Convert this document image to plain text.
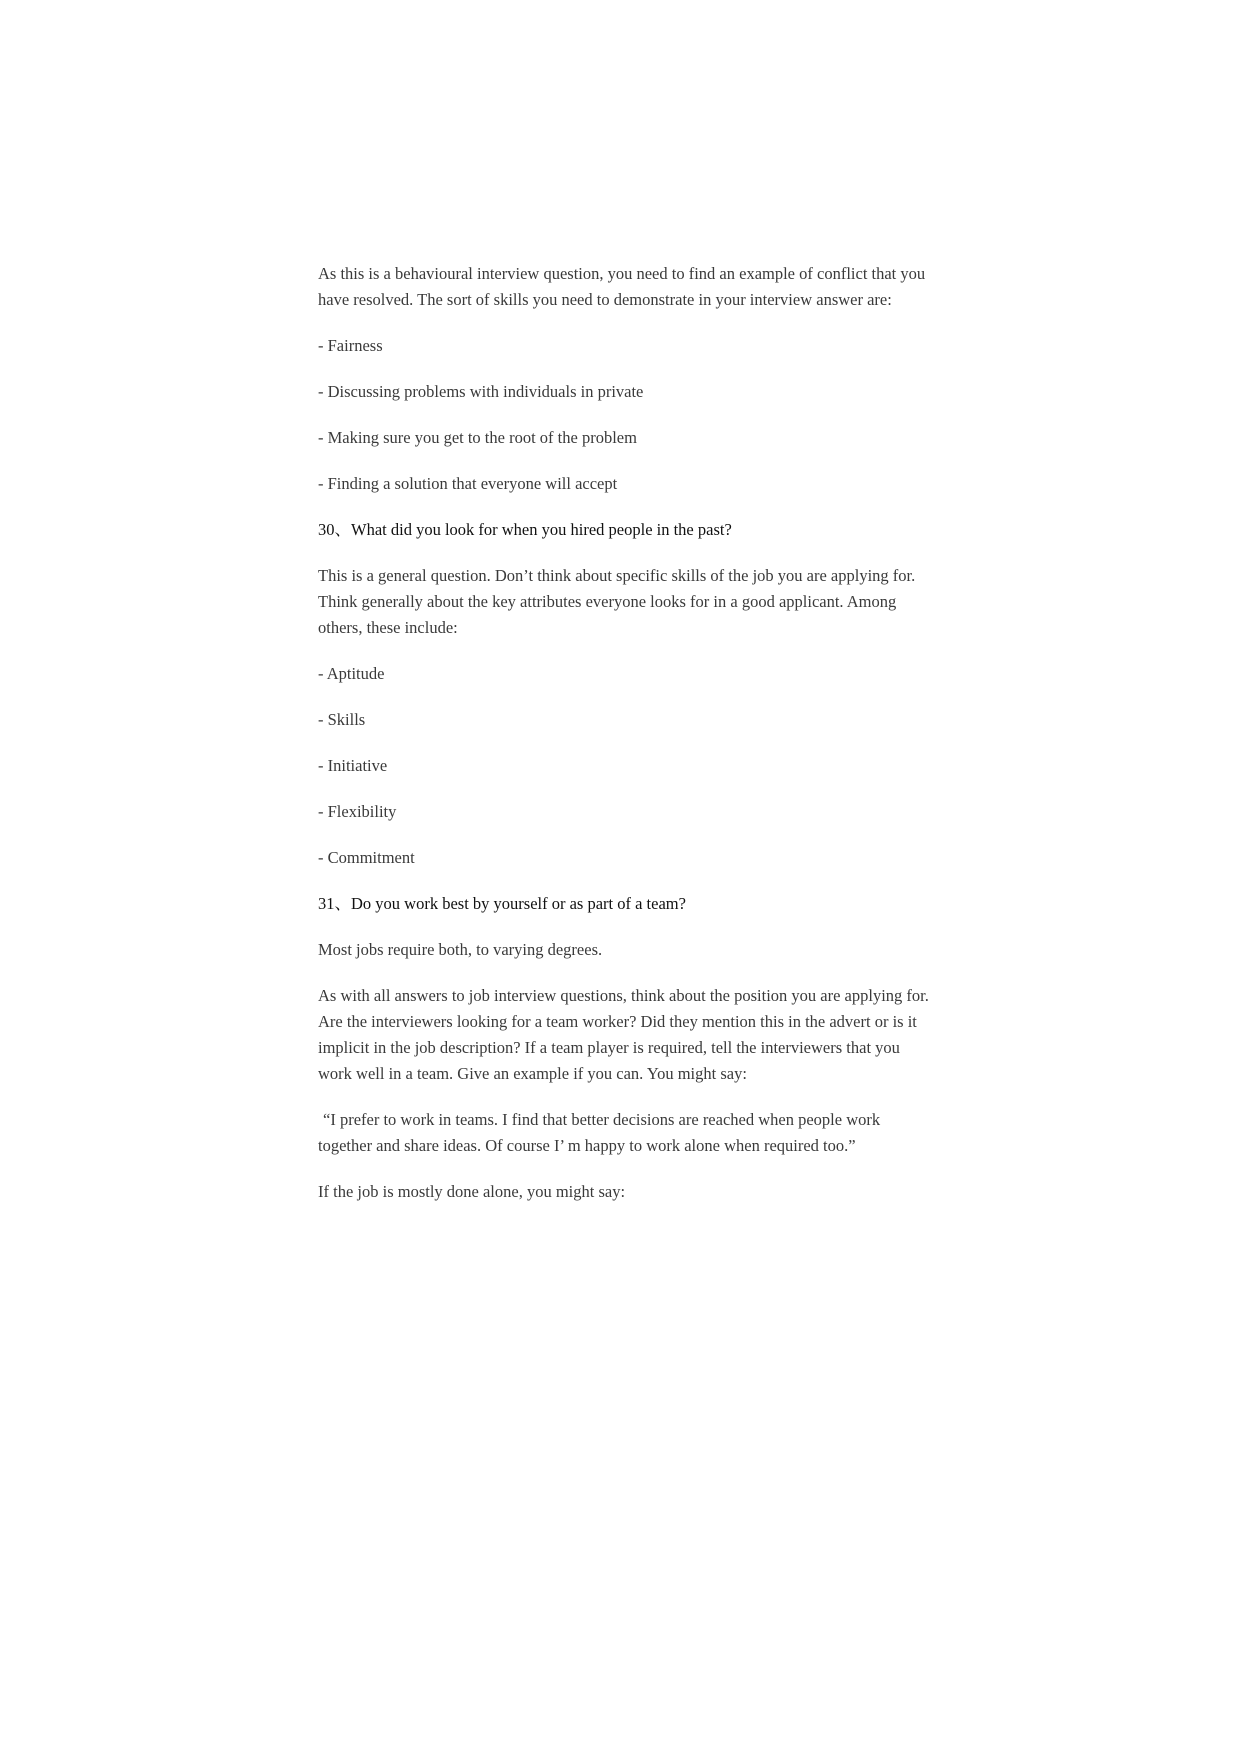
As this is a behavioural interview question, you need to find an example of conflict that you have resolved. The sort of skills you need to demonstrate in your interview answer are:

- Fairness

- Discussing problems with individuals in private

- Making sure you get to the root of the problem

- Finding a solution that everyone will accept

30、What did you look for when you hired people in the past?

This is a general question. Don’t think about specific skills of the job you are applying for. Think generally about the key attributes everyone looks for in a good applicant. Among others, these include:

- Aptitude

- Skills

- Initiative

- Flexibility

- Commitment

31、Do you work best by yourself or as part of a team?

Most jobs require both, to varying degrees.

As with all answers to job interview questions, think about the position you are applying for. Are the interviewers looking for a team worker? Did they mention this in the advert or is it implicit in the job description? If a team player is required, tell the interviewers that you work well in a team. Give an example if you can. You might say:

“I prefer to work in teams. I find that better decisions are reached when people work together and share ideas. Of course I’ m happy to work alone when required too.”

If the job is mostly done alone, you might say:
